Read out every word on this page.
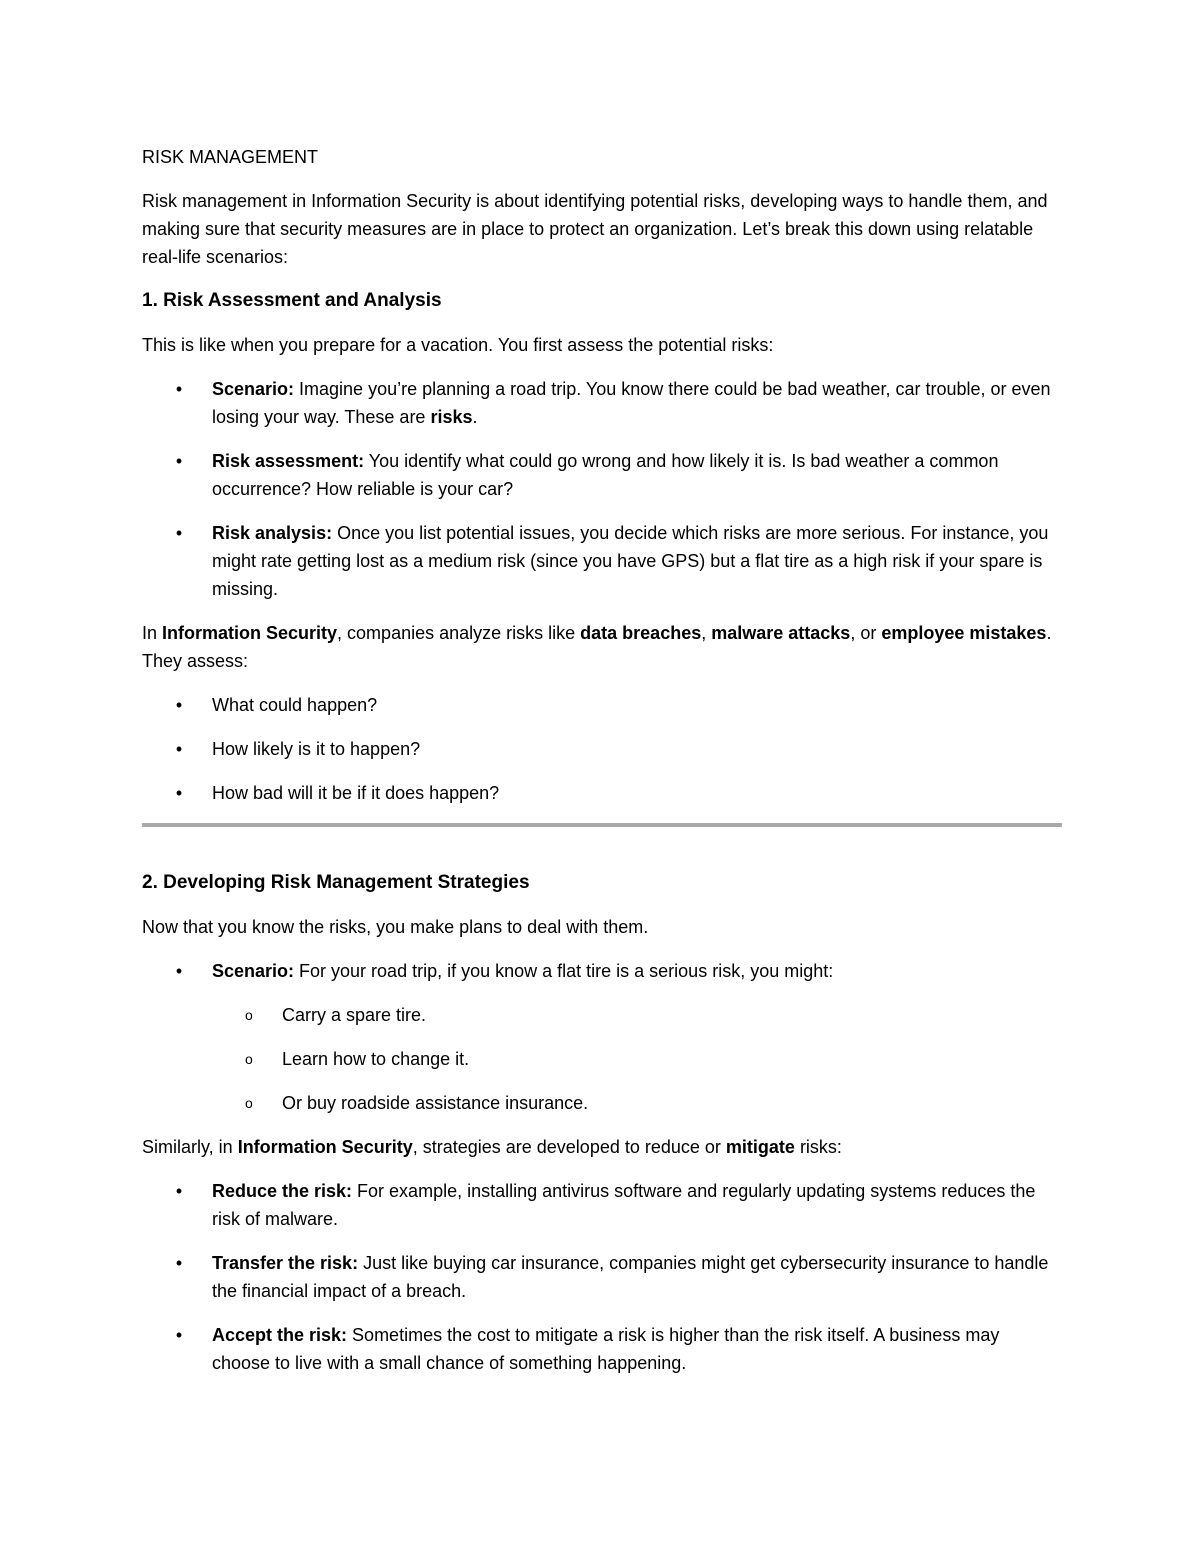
RISK MANAGEMENT

Risk management in Information Security is about identifying potential risks, developing ways to handle them, and making sure that security measures are in place to protect an organization. Let’s break this down using relatable real-life scenarios:

1. Risk Assessment and Analysis

This is like when you prepare for a vacation. You first assess the potential risks:

• Scenario: Imagine you’re planning a road trip. You know there could be bad weather, car trouble, or even losing your way. These are risks.
• Risk assessment: You identify what could go wrong and how likely it is. Is bad weather a common occurrence? How reliable is your car?
• Risk analysis: Once you list potential issues, you decide which risks are more serious. For instance, you might rate getting lost as a medium risk (since you have GPS) but a flat tire as a high risk if your spare is missing.

In Information Security, companies analyze risks like data breaches, malware attacks, or employee mistakes. They assess:

• What could happen?
• How likely is it to happen?
• How bad will it be if it does happen?

2. Developing Risk Management Strategies

Now that you know the risks, you make plans to deal with them.

• Scenario: For your road trip, if you know a flat tire is a serious risk, you might:
o Carry a spare tire.
o Learn how to change it.
o Or buy roadside assistance insurance.

Similarly, in Information Security, strategies are developed to reduce or mitigate risks:

• Reduce the risk: For example, installing antivirus software and regularly updating systems reduces the risk of malware.
• Transfer the risk: Just like buying car insurance, companies might get cybersecurity insurance to handle the financial impact of a breach.
• Accept the risk: Sometimes the cost to mitigate a risk is higher than the risk itself. A business may choose to live with a small chance of something happening.
